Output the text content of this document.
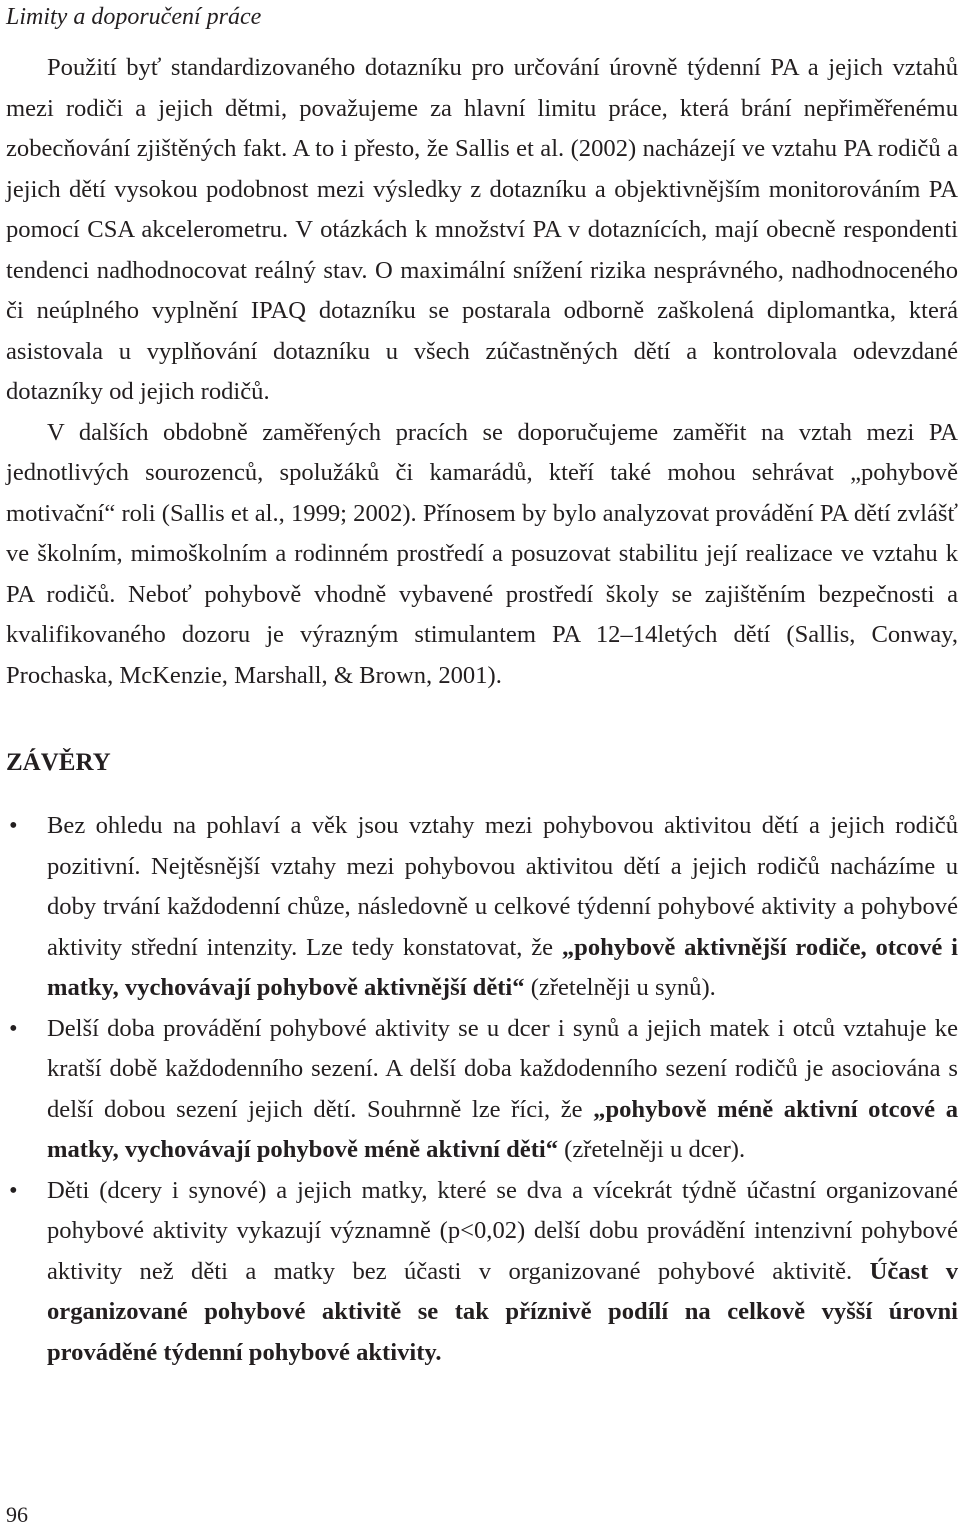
Limity a doporučení práce

Použití byť standardizovaného dotazníku pro určování úrovně týdenní PA a jejich vztahů mezi rodiči a jejich dětmi, považujeme za hlavní limitu práce, která brání nepřiměřenému zobecňování zjištěných fakt. A to i přesto, že Sallis et al. (2002) nacházejí ve vztahu PA rodičů a jejich dětí vysokou podobnost mezi výsledky z dotazníku a objektivnějším monitorováním PA pomocí CSA akcelerometru. V otázkách k množství PA v dotaznících, mají obecně respondenti tendenci nadhodnocovat reálný stav. O maximální snížení rizika nesprávného, nadhodnoceného či neúplného vyplnění IPAQ dotazníku se postarala odborně zaškolená diplomantka, která asistovala u vyplňování dotazníku u všech zúčastněných dětí a kontrolovala odevzdané dotazníky od jejich rodičů.

V dalších obdobně zaměřených pracích se doporučujeme zaměřit na vztah mezi PA jednotlivých sourozenců, spolužáků či kamarádů, kteří také mohou sehrávat „pohybově motivační“ roli (Sallis et al., 1999; 2002). Přínosem by bylo analyzovat provádění PA dětí zvlášť ve školním, mimoškolním a rodinném prostředí a posuzovat stabilitu její realizace ve vztahu k PA rodičů. Neboť pohybově vhodně vybavené prostředí školy se zajištěním bezpečnosti a kvalifikovaného dozoru je výrazným stimulantem PA 12–14letých dětí (Sallis, Conway, Prochaska, McKenzie, Marshall, & Brown, 2001).

ZÁVĚRY
• Bez ohledu na pohlaví a věk jsou vztahy mezi pohybovou aktivitou dětí a jejich rodičů pozitivní. Nejtěsnější vztahy mezi pohybovou aktivitou dětí a jejich rodičů nacházíme u doby trvání každodenní chůze, následovně u celkové týdenní pohybové aktivity a pohybové aktivity střední intenzity. Lze tedy konstatovat, že „pohybově aktivnější rodiče, otcové i matky, vychovávají pohybově aktivnější děti“ (zřetelněji u synů).
• Delší doba provádění pohybové aktivity se u dcer i synů a jejich matek i otců vztahuje ke kratší době každodenního sezení. A delší doba každodenního sezení rodičů je asociována s delší dobou sezení jejich dětí. Souhrnně lze říci, že „pohybově méně aktivní otcové a matky, vychovávají pohybově méně aktivní děti“ (zřetelněji u dcer).
• Děti (dcery i synové) a jejich matky, které se dva a vícekrát týdně účastní organizované pohybové aktivity vykazují významně (p<0,02) delší dobu provádění intenzivní pohybové aktivity než děti a matky bez účasti v organizované pohybové aktivitě. Účast v organizované pohybové aktivitě se tak příznivě podílí na celkově vyšší úrovni prováděné týdenní pohybové aktivity.
96
